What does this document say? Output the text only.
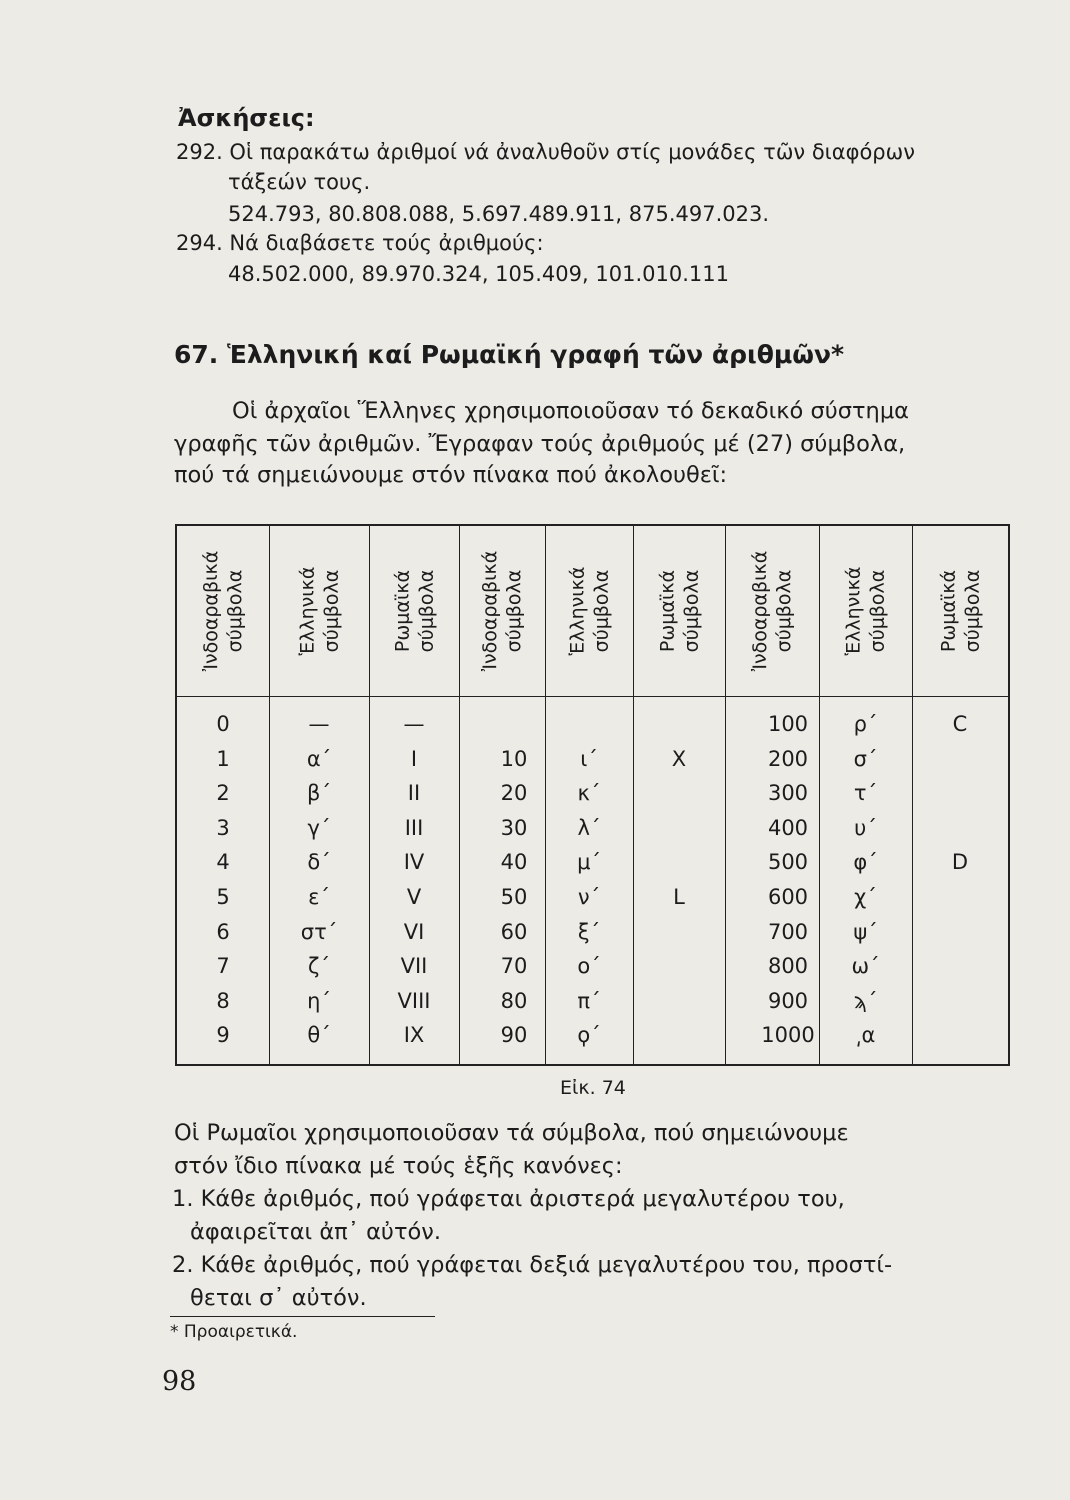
Ἀσκήσεις:
292. Οἱ παρακάτω ἀριθμοί νά ἀναλυθοῦν στίς μονάδες τῶν διαφόρων
τάξεών τους.
524.793, 80.808.088, 5.697.489.911, 875.497.023.
294. Νά διαβάσετε τούς ἀριθμούς:
48.502.000, 89.970.324, 105.409, 101.010.111
67. Ἑλληνική καί Ρωμαϊκή γραφή τῶν ἀριθμῶν*
Οἱ ἀρχαῖοι Ἕλληνες χρησιμοποιοῦσαν τό δεκαδικό σύστημα
γραφῆς τῶν ἀριθμῶν. Ἔγραφαν τούς ἀριθμούς μέ (27) σύμβολα,
πού τά σημειώνουμε στόν πίνακα πού ἀκολουθεῖ:
Ἰνδοαραβικά σύμβολα
0
1
2
3
4
5
6
7
8
9
Ἑλληνικά σύμβολα
—
α΄
β΄
γ΄
δ΄
ε΄
στ΄
ζ΄
η΄
θ΄
Ρωμαϊκά σύμβολα
—
I
II
III
IV
V
VI
VII
VIII
IX
Ἰνδοαραβικά σύμβολα
10
20
30
40
50
60
70
80
90
Ἑλληνικά σύμβολα
ι΄
κ΄
λ΄
μ΄
ν΄
ξ΄
ο΄
π΄
ϙ΄
Ρωμαϊκά σύμβολα
X
L
Ἰνδοαραβικά σύμβολα
100
200
300
400
500
600
700
800
900
1000
Ἑλληνικά σύμβολα
ρ΄
σ΄
τ΄
υ΄
φ΄
χ΄
ψ΄
ω΄
ϡ΄
͵α
Ρωμαϊκά σύμβολα
C
D
Εἰκ. 74
Οἱ Ρωμαῖοι χρησιμοποιοῦσαν τά σύμβολα, πού σημειώνουμε
στόν ἴδιο πίνακα μέ τούς ἑξῆς κανόνες:
1. Κάθε ἀριθμός, πού γράφεται ἀριστερά μεγαλυτέρου του,
ἀφαιρεῖται ἀπ᾽ αὐτόν.
2. Κάθε ἀριθμός, πού γράφεται δεξιά μεγαλυτέρου του, προστί-
θεται σ᾽ αὐτόν.
* Προαιρετικά.
98
